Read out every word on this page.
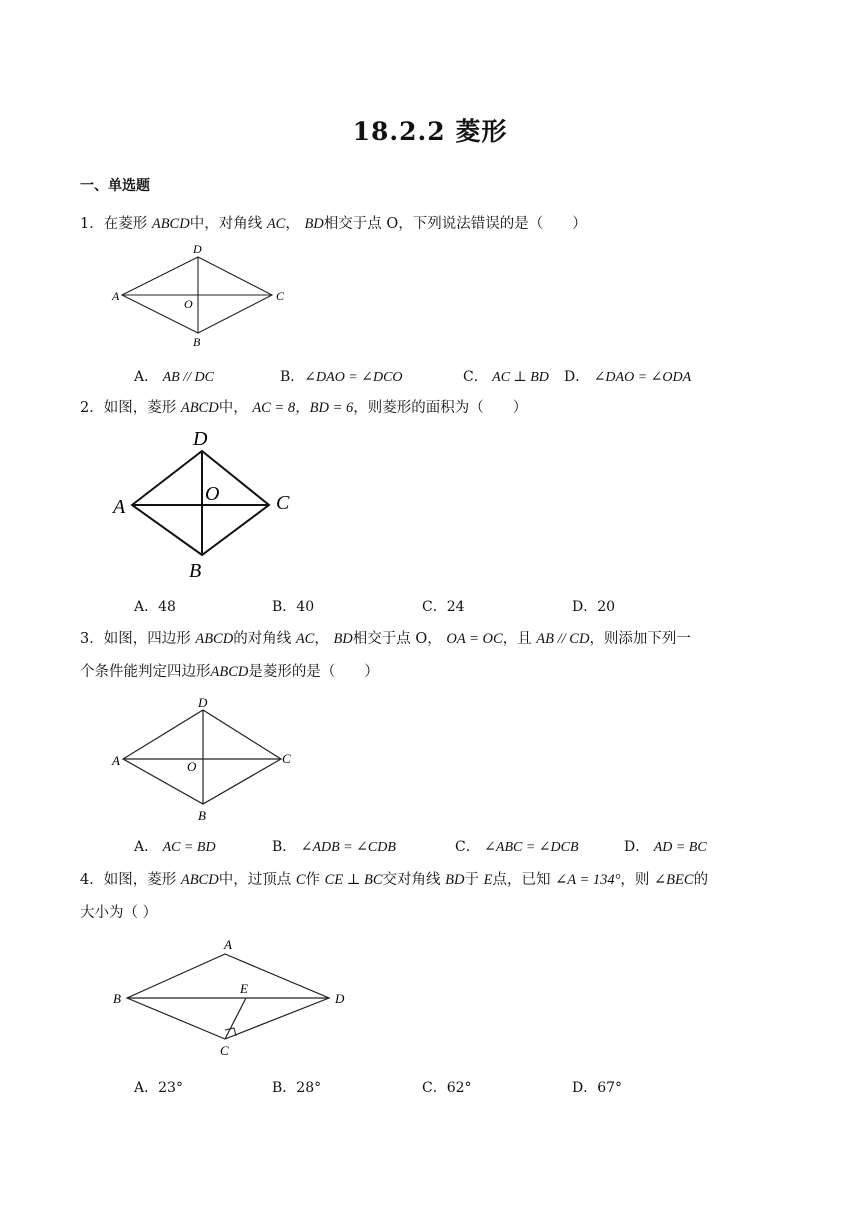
18.2.2 菱形
一、单选题
1．在菱形 ABCD中，对角线 AC， BD相交于点 O，下列说法错误的是（　　）
A
D
C
B
O
A． AB // DC	B．∠DAO = ∠DCO	C． AC ⊥ BD D． ∠DAO = ∠ODA
2．如图，菱形 ABCD中， AC = 8，BD = 6，则菱形的面积为（　　）
A
D
C
B
O
A．48	B．40	C．24	D．20
3．如图，四边形 ABCD的对角线 AC， BD相交于点 O， OA = OC，且 AB // CD，则添加下列一
个条件能判定四边形ABCD是菱形的是（　　）
A
D
C
B
O
A． AC = BD	B． ∠ADB = ∠CDB	C． ∠ABC = ∠DCB	D． AD = BC
4．如图，菱形 ABCD中，过顶点 C作 CE ⊥ BC交对角线 BD于 E点，已知 ∠A = 134°，则 ∠BEC的
大小为（ ）
B
A
D
C
E
A．23°	B．28°	C．62°	D．67°
